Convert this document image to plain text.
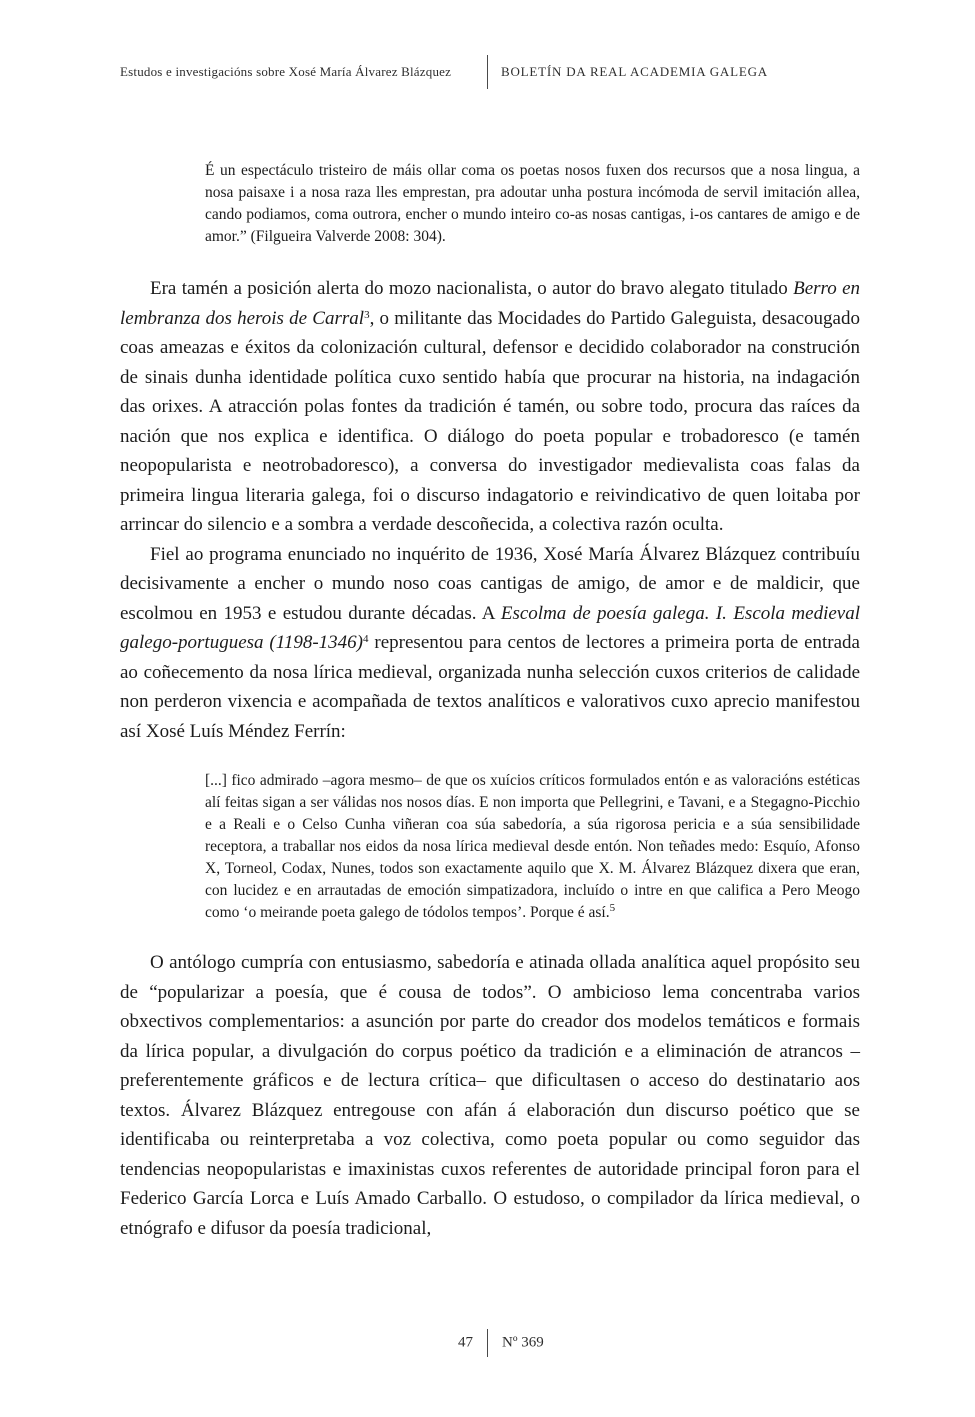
Estudos e investigacións sobre Xosé María Álvarez Blázquez	BOLETÍN DA REAL ACADEMIA GALEGA
É un espectáculo tristeiro de máis ollar coma os poetas nosos fuxen dos recursos que a nosa lingua, a nosa paisaxe i a nosa raza lles emprestan, pra adoutar unha postura incómoda de servil imitación allea, cando podiamos, coma outrora, encher o mundo inteiro co-as nosas cantigas, i-os cantares de amigo e de amor.” (Filgueira Valverde 2008: 304).

Era tamén a posición alerta do mozo nacionalista, o autor do bravo alegato titulado Berro en lembranza dos herois de Carral$^3$, o militante das Mocidades do Partido Galeguista, desacougado coas ameazas e éxitos da colonización cultural, defensor e decidido colaborador na construción de sinais dunha identidade política cuxo sentido había que procurar na historia, na indagación das orixes. A atracción polas fontes da tradición é tamén, ou sobre todo, procura das raíces da nación que nos explica e identifica. O diálogo do poeta popular e trobadoresco (e tamén neopopularista e neotrobadoresco), a conversa do investigador medievalista coas falas da primeira lingua literaria galega, foi o discurso indagatorio e reivindicativo de quen loitaba por arrincar do silencio e a sombra a verdade descoñecida, a colectiva razón oculta.

Fiel ao programa enunciado no inquérito de 1936, Xosé María Álvarez Blázquez contribuíu decisivamente a encher o mundo noso coas cantigas de amigo, de amor e de maldicir, que escolmou en 1953 e estudou durante décadas. A Escolma de poesía galega. I. Escola medieval galego-portuguesa (1198-1346)$^4$ representou para centos de lectores a primeira porta de entrada ao coñecemento da nosa lírica medieval, organizada nunha selección cuxos criterios de calidade non perderon vixencia e acompañada de textos analíticos e valorativos cuxo aprecio manifestou así Xosé Luís Méndez Ferrín:

[...] fico admirado –agora mesmo– de que os xuícios críticos formulados entón e as valoracións estéticas alí feitas sigan a ser válidas nos nosos días. E non importa que Pellegrini, e Tavani, e a Stegagno-Picchio e a Reali e o Celso Cunha viñeran coa súa sabedoría, a súa rigorosa pericia e a súa sensibilidade receptora, a traballar nos eidos da nosa lírica medieval desde entón. Non teñades medo: Esquío, Afonso X, Torneol, Codax, Nunes, todos son exactamente aquilo que X. M. Álvarez Blázquez dixera que eran, con lucidez e en arrautadas de emoción simpatizadora, incluído o intre en que califica a Pero Meogo como ‘o meirande poeta galego de tódolos tempos’. Porque é así.$^5$

O antólogo cumpría con entusiasmo, sabedoría e atinada ollada analítica aquel propósito seu de “popularizar a poesía, que é cousa de todos”. O ambicioso lema concentraba varios obxectivos complementarios: a asunción por parte do creador dos modelos temáticos e formais da lírica popular, a divulgación do corpus poético da tradición e a eliminación de atrancos –preferentemente gráficos e de lectura crítica– que dificultasen o acceso do destinatario aos textos. Álvarez Blázquez entregouse con afán á elaboración dun discurso poético que se identificaba ou reinterpretaba a voz colectiva, como poeta popular ou como seguidor das tendencias neopopularistas e imaxinistas cuxos referentes de autoridade principal foron para el Federico García Lorca e Luís Amado Carballo. O estudoso, o compilador da lírica medieval, o etnógrafo e difusor da poesía tradicional,

47 Nº 369
